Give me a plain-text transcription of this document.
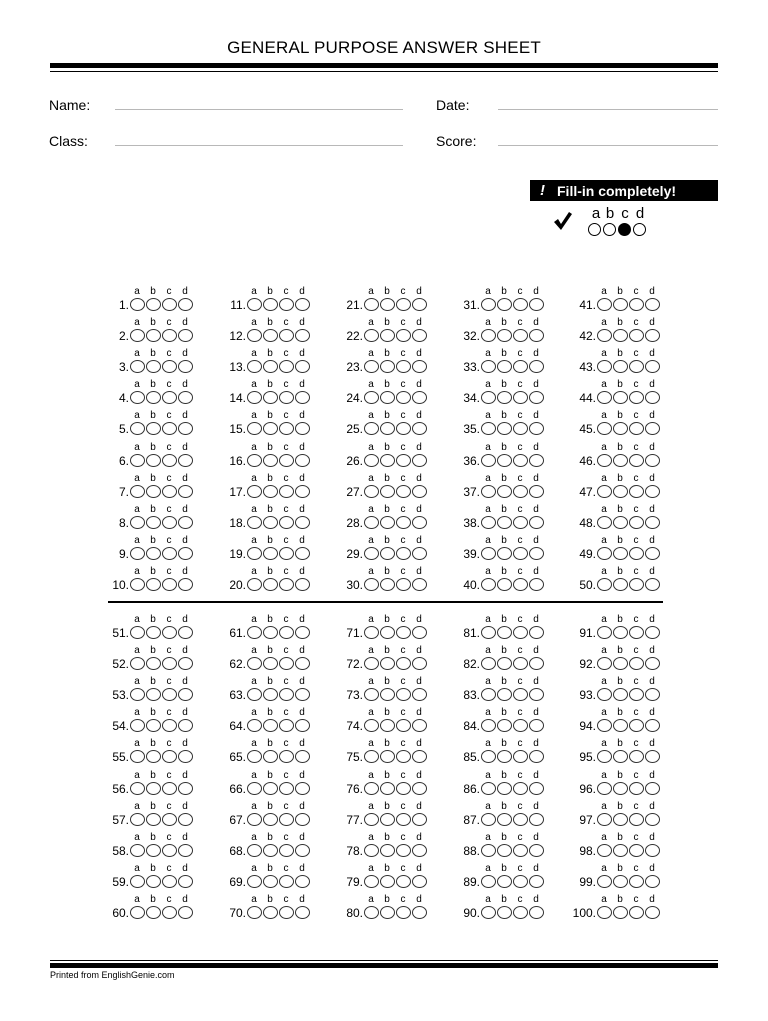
GENERAL PURPOSE ANSWER SHEET
Name:	Date:
Class:	Score:
! Fill-in completely!
a b c d
a	b	c	d
1.
a	b	c	d
2.
a	b	c	d
3.
a	b	c	d
4.
a	b	c	d
5.
a	b	c	d
6.
a	b	c	d
7.
a	b	c	d
8.
a	b	c	d
9.
a	b	c	d
10.
a	b	c	d
11.
a	b	c	d
12.
a	b	c	d
13.
a	b	c	d
14.
a	b	c	d
15.
a	b	c	d
16.
a	b	c	d
17.
a	b	c	d
18.
a	b	c	d
19.
a	b	c	d
20.
a	b	c	d
21.
a	b	c	d
22.
a	b	c	d
23.
a	b	c	d
24.
a	b	c	d
25.
a	b	c	d
26.
a	b	c	d
27.
a	b	c	d
28.
a	b	c	d
29.
a	b	c	d
30.
a	b	c	d
31.
a	b	c	d
32.
a	b	c	d
33.
a	b	c	d
34.
a	b	c	d
35.
a	b	c	d
36.
a	b	c	d
37.
a	b	c	d
38.
a	b	c	d
39.
a	b	c	d
40.
a	b	c	d
41.
a	b	c	d
42.
a	b	c	d
43.
a	b	c	d
44.
a	b	c	d
45.
a	b	c	d
46.
a	b	c	d
47.
a	b	c	d
48.
a	b	c	d
49.
a	b	c	d
50.
a	b	c	d
51.
a	b	c	d
52.
a	b	c	d
53.
a	b	c	d
54.
a	b	c	d
55.
a	b	c	d
56.
a	b	c	d
57.
a	b	c	d
58.
a	b	c	d
59.
a	b	c	d
60.
a	b	c	d
61.
a	b	c	d
62.
a	b	c	d
63.
a	b	c	d
64.
a	b	c	d
65.
a	b	c	d
66.
a	b	c	d
67.
a	b	c	d
68.
a	b	c	d
69.
a	b	c	d
70.
a	b	c	d
71.
a	b	c	d
72.
a	b	c	d
73.
a	b	c	d
74.
a	b	c	d
75.
a	b	c	d
76.
a	b	c	d
77.
a	b	c	d
78.
a	b	c	d
79.
a	b	c	d
80.
a	b	c	d
81.
a	b	c	d
82.
a	b	c	d
83.
a	b	c	d
84.
a	b	c	d
85.
a	b	c	d
86.
a	b	c	d
87.
a	b	c	d
88.
a	b	c	d
89.
a	b	c	d
90.
a	b	c	d
91.
a	b	c	d
92.
a	b	c	d
93.
a	b	c	d
94.
a	b	c	d
95.
a	b	c	d
96.
a	b	c	d
97.
a	b	c	d
98.
a	b	c	d
99.
a	b	c	d
100.
Printed from EnglishGenie.com
